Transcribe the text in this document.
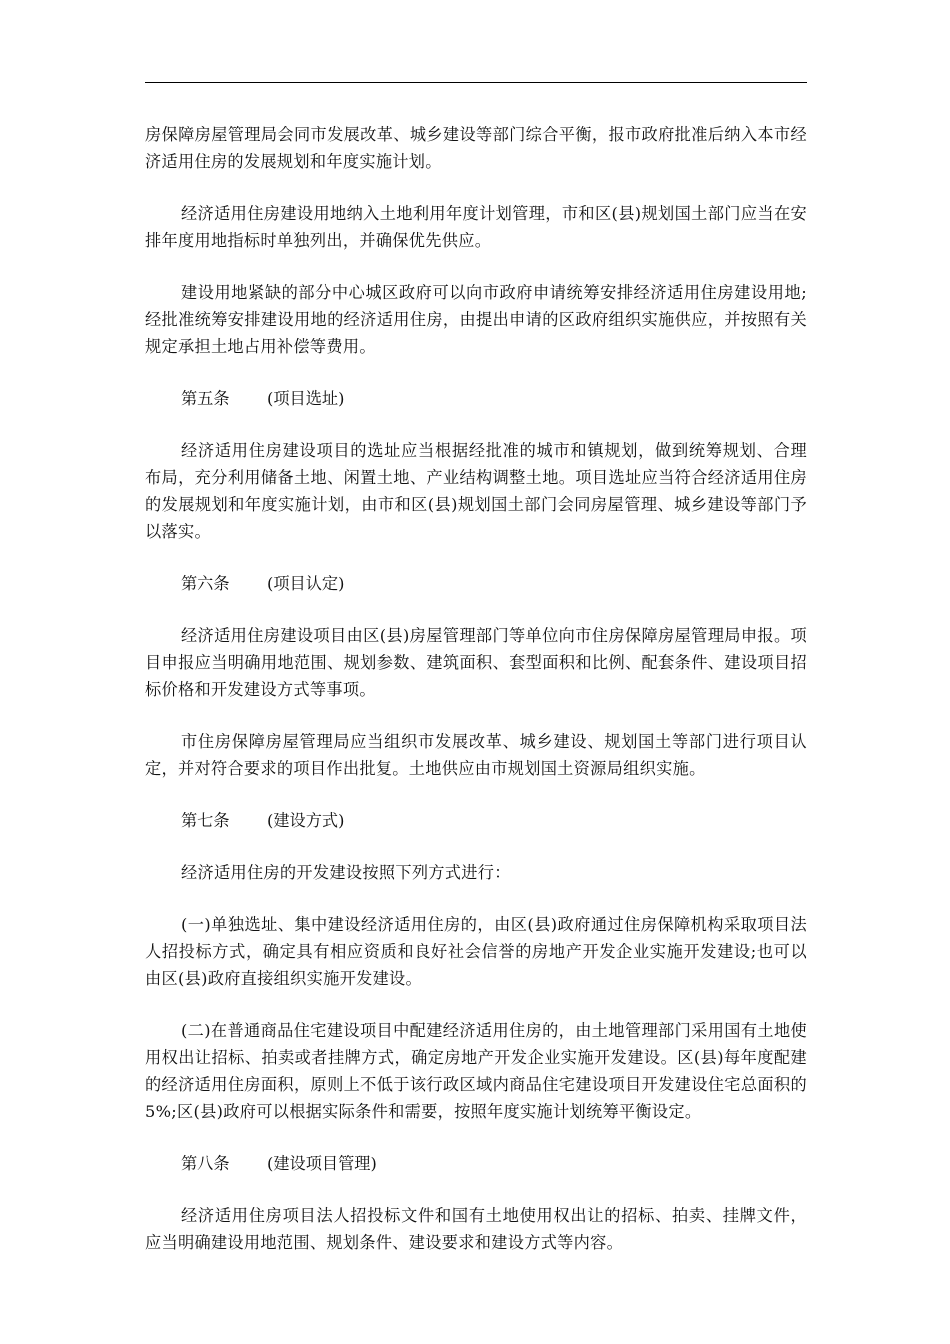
房保障房屋管理局会同市发展改革、城乡建设等部门综合平衡，报市政府批准后纳入本市经济适用住房的发展规划和年度实施计划。

经济适用住房建设用地纳入土地利用年度计划管理，市和区(县)规划国土部门应当在安排年度用地指标时单独列出，并确保优先供应。

建设用地紧缺的部分中心城区政府可以向市政府申请统筹安排经济适用住房建设用地;经批准统筹安排建设用地的经济适用住房，由提出申请的区政府组织实施供应，并按照有关规定承担土地占用补偿等费用。

第五条 (项目选址)

经济适用住房建设项目的选址应当根据经批准的城市和镇规划，做到统筹规划、合理布局，充分利用储备土地、闲置土地、产业结构调整土地。项目选址应当符合经济适用住房的发展规划和年度实施计划，由市和区(县)规划国土部门会同房屋管理、城乡建设等部门予以落实。

第六条 (项目认定)

经济适用住房建设项目由区(县)房屋管理部门等单位向市住房保障房屋管理局申报。项目申报应当明确用地范围、规划参数、建筑面积、套型面积和比例、配套条件、建设项目招标价格和开发建设方式等事项。

市住房保障房屋管理局应当组织市发展改革、城乡建设、规划国土等部门进行项目认定，并对符合要求的项目作出批复。土地供应由市规划国土资源局组织实施。

第七条 (建设方式)

经济适用住房的开发建设按照下列方式进行：

(一)单独选址、集中建设经济适用住房的，由区(县)政府通过住房保障机构采取项目法人招投标方式，确定具有相应资质和良好社会信誉的房地产开发企业实施开发建设;也可以由区(县)政府直接组织实施开发建设。

(二)在普通商品住宅建设项目中配建经济适用住房的，由土地管理部门采用国有土地使用权出让招标、拍卖或者挂牌方式，确定房地产开发企业实施开发建设。区(县)每年度配建的经济适用住房面积，原则上不低于该行政区域内商品住宅建设项目开发建设住宅总面积的5%;区(县)政府可以根据实际条件和需要，按照年度实施计划统筹平衡设定。

第八条 (建设项目管理)

经济适用住房项目法人招投标文件和国有土地使用权出让的招标、拍卖、挂牌文件，应当明确建设用地范围、规划条件、建设要求和建设方式等内容。
